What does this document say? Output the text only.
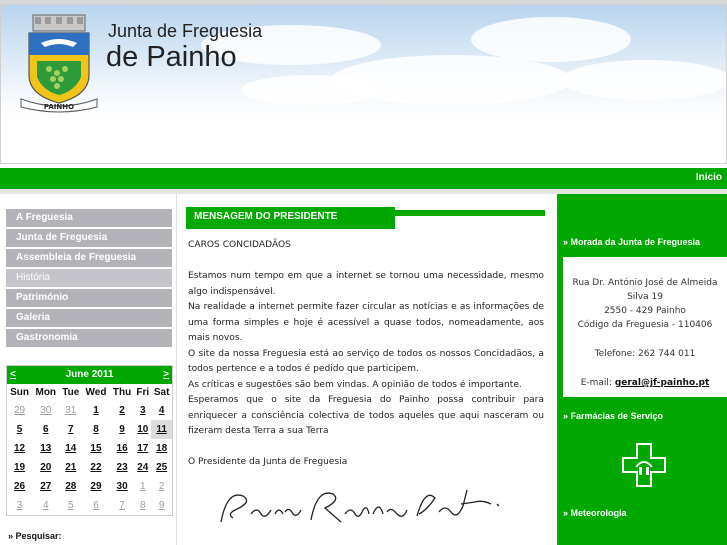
PAINHO
Junta de Freguesia
de Painho
Inicio
A Freguesia
Junta de Freguesia
Assembleia de Freguesia
História
Património
Galeria
Gastronomia
<	June 2011	>
Sun	Mon	Tue	Wed	Thu	Fri	Sat
29	30	31	1	2	3	4
5	6	7	8	9	10	11
12	13	14	15	16	17	18
19	20	21	22	23	24	25
26	27	28	29	30	1	2
3	4	5	6	7	8	9
» Pesquisar:
MENSAGEM DO PRESIDENTE

CAROS CONCIDADÃOS

Estamos num tempo em que a internet se tornou uma necessidade, mesmo algo indispensável.

Na realidade a internet permite fazer circular as notícias e as informações de uma forma simples e hoje é acessível a quase todos, nomeadamente, aos mais novos.

O site da nossa Freguesia está ao serviço de todos os nossos Concidadãos, a todos pertence e a todos é pedido que participem.

As críticas e sugestões são bem vindas. A opinião de todos é importante.

Esperamos que o site da Freguesia do Painho possa contribuir para enriquecer a consciência colectiva de todos aqueles que aqui nasceram ou fizeram desta Terra a sua Terra

O Presidente da Junta de Freguesia

Pedro Rodrigues Costa
» Morada da Junta de Freguesia
Rua Dr. António José de Almeida
Silva 19
2550 - 429 Painho
Código da Freguesia - 110406
Telefone: 262 744 011
E-mail: geral@jf-painho.pt
» Farmácias de Serviço
» Meteorologia
